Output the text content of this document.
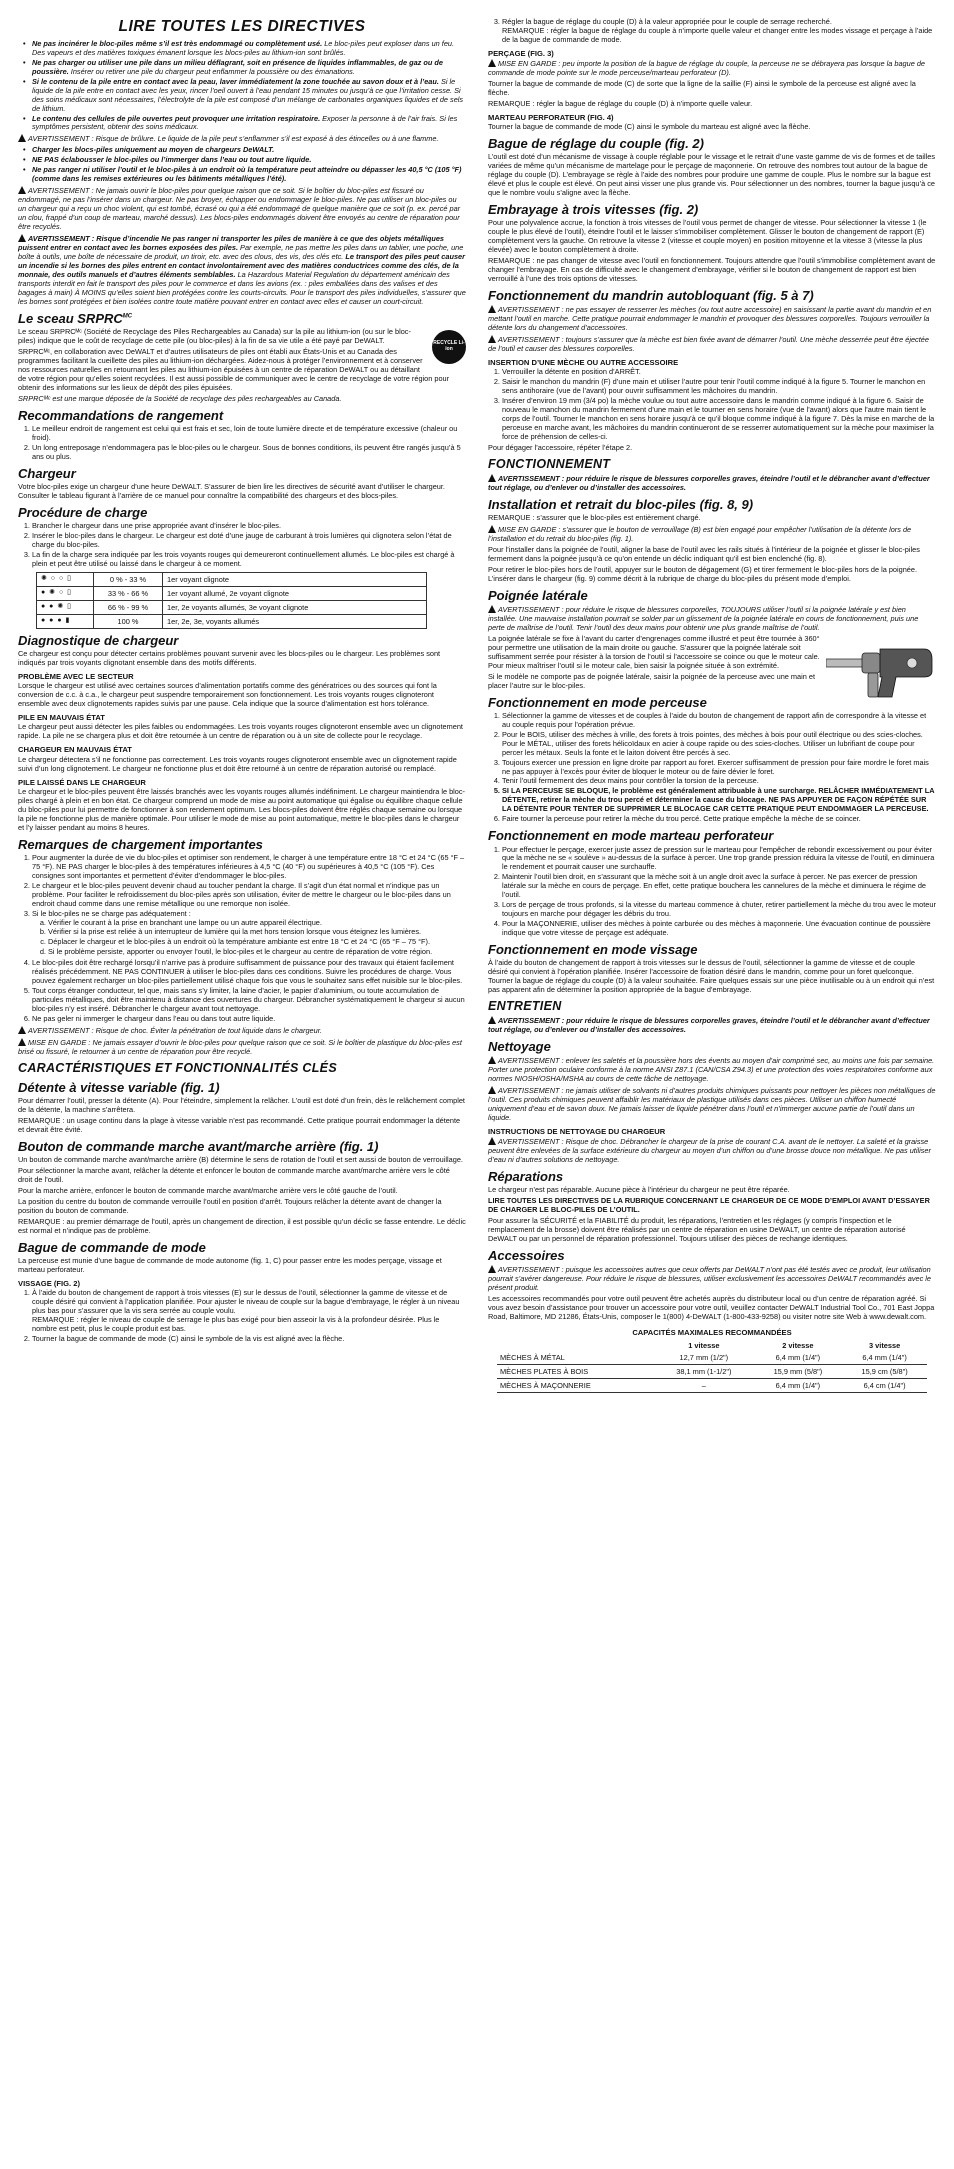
LIRE TOUTES LES DIRECTIVES
• Ne pas incinérer le bloc-piles même s’il est très endommagé ou complètement usé. Le bloc-piles peut exploser dans un feu. Des vapeurs et des matières toxiques émanent lorsque les blocs-piles au lithium-ion sont brûlés.
• Ne pas charger ou utiliser une pile dans un milieu déflagrant, soit en présence de liquides inflammables, de gaz ou de poussière. Insérer ou retirer une pile du chargeur peut enflammer la poussière ou des émanations.
• Si le contenu de la pile entre en contact avec la peau, laver immédiatement la zone touchée au savon doux et à l’eau. Si le liquide de la pile entre en contact avec les yeux, rincer l’oeil ouvert à l’eau pendant 15 minutes ou jusqu’à ce que l’irritation cesse. Si des soins médicaux sont nécessaires, l’électrolyte de la pile est composé d’un mélange de carbonates organiques liquides et de sels de lithium.
• Le contenu des cellules de pile ouvertes peut provoquer une irritation respiratoire. Exposer la personne à de l’air frais. Si les symptômes persistent, obtenir des soins médicaux.

AVERTISSEMENT : Risque de brûlure. Le liquide de la pile peut s’enflammer s’il est exposé à des étincelles ou à une flamme.

• Charger les blocs-piles uniquement au moyen de chargeurs DeWALT.
• NE PAS éclabousser le bloc-piles ou l’immerger dans l’eau ou tout autre liquide.
• Ne pas ranger ni utiliser l’outil et le bloc-piles à un endroit où la température peut atteindre ou dépasser les 40,5 °C (105 °F) (comme dans les remises extérieures ou les bâtiments métalliques l’été).

AVERTISSEMENT : Ne jamais ouvrir le bloc-piles pour quelque raison que ce soit. Si le boîtier du bloc-piles est fissuré ou endommagé, ne pas l’insérer dans un chargeur. Ne pas broyer, échapper ou endommager le bloc-piles. Ne pas utiliser un bloc-piles ou un chargeur qui a reçu un choc violent, qui est tombé, écrasé ou qui a été endommagé de quelque manière que ce soit (p. ex. percé par un clou, frappé d’un coup de marteau, marché dessus). Les blocs-piles endommagés doivent être envoyés au centre de réparation pour être recyclés.

AVERTISSEMENT : Risque d’incendie Ne pas ranger ni transporter les piles de manière à ce que des objets métalliques puissent entrer en contact avec les bornes exposées des piles. Par exemple, ne pas mettre les piles dans un tablier, une poche, une boîte à outils, une boîte de nécessaire de produit, un tiroir, etc. avec des clous, des vis, des clés etc. Le transport des piles peut causer un incendie si les bornes des piles entrent en contact involontairement avec des matières conductrices comme des clés, de la monnaie, des outils manuels et d’autres éléments semblables. La Hazardous Material Regulation du département américain des transports interdit en fait le transport des piles pour le commerce et dans les avions (ex. : piles emballées dans des valises et des bagages à main) À MOINS qu’elles soient bien protégées contre les courts-circuits. Pour le transport des piles individuelles, s’assurer que les bornes sont protégées et bien isolées contre toute matière pouvant entrer en contact avec elles et causer un court-circuit.

Le sceau $SRPRC^{MC}$
RECYCLE Li-ion

Le sceau SRPRCᴹᶜ (Société de Recyclage des Piles Rechargeables au Canada) sur la pile au lithium-ion (ou sur le bloc-piles) indique que le coût de recyclage de cette pile (ou bloc-piles) à la fin de sa vie utile a été payé par DeWALT.

SRPRCᴹᶜ, en collaboration avec DeWALT et d’autres utilisateurs de piles ont établi aux États-Unis et au Canada des programmes facilitant la cueillette des piles au lithium-ion déchargées. Aidez-nous à protéger l’environnement et à conserver nos ressources naturelles en retournant les piles au lithium-ion épuisées à un centre de réparation DeWALT ou au détaillant de votre région pour qu’elles soient recyclées. Il est aussi possible de communiquer avec le centre de recyclage de votre région pour obtenir des informations sur les lieux de dépôt des piles épuisées.

SRPRCᴹᶜ est une marque déposée de la Société de recyclage des piles rechargeables au Canada.

Recommandations de rangement
1. Le meilleur endroit de rangement est celui qui est frais et sec, loin de toute lumière directe et de température excessive (chaleur ou froid).
2. Un long entreposage n’endommagera pas le bloc-piles ou le chargeur. Sous de bonnes conditions, ils peuvent être rangés jusqu’à 5 ans ou plus.
Chargeur

Votre bloc-piles exige un chargeur d’une heure DeWALT. S’assurer de bien lire les directives de sécurité avant d’utiliser le chargeur. Consulter le tableau figurant à l’arrière de ce manuel pour connaître la compatibilité des chargeurs et des blocs-piles.

Procédure de charge
1. Brancher le chargeur dans une prise appropriée avant d’insérer le bloc-piles.
2. Insérer le bloc-piles dans le chargeur. Le chargeur est doté d’une jauge de carburant à trois lumières qui clignotera selon l’état de charge du bloc-piles.
3. La fin de la charge sera indiquée par les trois voyants rouges qui demeureront continuellement allumés. Le bloc-piles est chargé à plein et peut être utilisé ou laissé dans le chargeur à ce moment.
✺ ○ ○ ▯	0 % - 33 %	1er voyant clignote
● ✺ ○ ▯	33 % - 66 %	1er voyant allumé, 2e voyant clignote
● ● ✺ ▯	66 % - 99 %	1er, 2e voyants allumés, 3e voyant clignote
● ● ● ▮	100 %	1er, 2e, 3e, voyants allumés
Diagnostique de chargeur

Ce chargeur est conçu pour détecter certains problèmes pouvant survenir avec les blocs-piles ou le chargeur. Les problèmes sont indiqués par trois voyants clignotant ensemble dans des motifs différents.

PROBLÈME AVEC LE SECTEUR

Lorsque le chargeur est utilisé avec certaines sources d’alimentation portatifs comme des génératrices ou des sources qui font la conversion de c.c. à c.a., le chargeur peut suspendre temporairement son fonctionnement. Les trois voyants rouges clignoteront ensemble avec deux clignotements rapides suivis par une pause. Cela indique que la source d’alimentation est hors tolérance.

PILE EN MAUVAIS ÉTAT

Le chargeur peut aussi détecter les piles faibles ou endommagées. Les trois voyants rouges clignoteront ensemble avec un clignotement rapide. La pile ne se chargera plus et doit être retournée à un centre de réparation ou à un site de collecte pour le recyclage.

CHARGEUR EN MAUVAIS ÉTAT

Le chargeur détectera s’il ne fonctionne pas correctement. Les trois voyants rouges clignoteront ensemble avec un clignotement rapide suivi d’un long clignotement. Le chargeur ne fonctionne plus et doit être retourné à un centre de réparation autorisé ou remplacé.

PILE LAISSÉ DANS LE CHARGEUR

Le chargeur et le bloc-piles peuvent être laissés branchés avec les voyants rouges allumés indéfiniment. Le chargeur maintiendra le bloc-piles chargé à plein et en bon état. Ce chargeur comprend un mode de mise au point automatique qui égalise ou équilibre chaque cellule du bloc-piles pour lui permettre de fonctionner à son rendement optimum. Les blocs-piles doivent être réglés chaque semaine ou lorsque la pile ne fonctionne plus de manière optimale. Pour utiliser le mode de mise au point automatique, mettre le bloc-piles dans le chargeur et l’y laisser pendant au moins 8 heures.

Remarques de chargement importantes
1. Pour augmenter la durée de vie du bloc-piles et optimiser son rendement, le charger à une température entre 18 °C et 24 °C (65 °F – 75 °F). NE PAS charger le bloc-piles à des températures inférieures à 4,5 °C (40 °F) ou supérieures à 40,5 °C (105 °F). Ces consignes sont importantes et permettent d’éviter d’endommager le bloc-piles.
2. Le chargeur et le bloc-piles peuvent devenir chaud au toucher pendant la charge. Il s’agit d’un état normal et n’indique pas un problème. Pour faciliter le refroidissement du bloc-piles après son utilisation, éviter de mettre le chargeur ou le bloc-piles dans un endroit chaud comme dans une remise métallique ou une remorque non isolée.
3. Si le bloc-piles ne se charge pas adéquatement :
a. Vérifier le courant à la prise en branchant une lampe ou un autre appareil électrique.
b. Vérifier si la prise est reliée à un interrupteur de lumière qui la met hors tension lorsque vous éteignez les lumières.
c. Déplacer le chargeur et le bloc-piles à un endroit où la température ambiante est entre 18 °C et 24 °C (65 °F – 75 °F).
d. Si le problème persiste, apporter ou envoyer l’outil, le bloc-piles et le chargeur au centre de réparation de votre région.
4. Le bloc-piles doit être rechargé lorsqu’il n’arrive pas à produire suffisamment de puissance pour des travaux qui étaient facilement réalisés précédemment. NE PAS CONTINUER à utiliser le bloc-piles dans ces conditions. Suivre les procédures de charge. Vous pouvez également recharger un bloc-piles partiellement utilisé chaque fois que vous le souhaitez sans effet nuisible sur le bloc-piles.
5. Tout corps étranger conducteur, tel que, mais sans s’y limiter, la laine d’acier, le papier d’aluminium, ou toute accumulation de particules métalliques, doit être maintenu à distance des ouvertures du chargeur. Débrancher systématiquement le chargeur si aucun bloc-piles n’y est inséré. Débrancher le chargeur avant tout nettoyage.
6. Ne pas geler ni immerger le chargeur dans l’eau ou dans tout autre liquide.

AVERTISSEMENT : Risque de choc. Éviter la pénétration de tout liquide dans le chargeur.

MISE EN GARDE : Ne jamais essayer d’ouvrir le bloc-piles pour quelque raison que ce soit. Si le boîtier de plastique du bloc-piles est brisé ou fissuré, le retourner à un centre de réparation pour être recyclé.

CARACTÉRISTIQUES ET FONCTIONNALITÉS CLÉS
Détente à vitesse variable (fig. 1)

Pour démarrer l’outil, presser la détente (A). Pour l’éteindre, simplement la relâcher. L’outil est doté d’un frein, dès le relâchement complet de la détente, la machine s’arrêtera.

REMARQUE : un usage continu dans la plage à vitesse variable n’est pas recommandé. Cette pratique pourrait endommager la détente et devrait être évité.

Bouton de commande marche avant/marche arrière (fig. 1)

Un bouton de commande marche avant/marche arrière (B) détermine le sens de rotation de l’outil et sert aussi de bouton de verrouillage.

Pour sélectionner la marche avant, relâcher la détente et enfoncer le bouton de commande marche avant/marche arrière vers le côté droit de l’outil.

Pour la marche arrière, enfoncer le bouton de commande marche avant/marche arrière vers le côté gauche de l’outil.

La position du centre du bouton de commande verrouille l’outil en position d’arrêt. Toujours relâcher la détente avant de changer la position du bouton de commande.

REMARQUE : au premier démarrage de l’outil, après un changement de direction, il est possible qu’un déclic se fasse entendre. Le déclic est normal et n’indique pas de problème.

Bague de commande de mode

La perceuse est munie d’une bague de commande de mode autonome (fig. 1, C) pour passer entre les modes perçage, vissage et marteau perforateur.

VISSAGE (FIG. 2)
1. À l’aide du bouton de changement de rapport à trois vitesses (E) sur le dessus de l’outil, sélectionner la gamme de vitesse et de couple désiré qui convient à l’application planifiée. Pour ajuster le niveau de couple sur la bague d’embrayage, le régler à un niveau plus bas pour s’assurer que la vis sera serrée au couple voulu.
REMARQUE : régler le niveau de couple de serrage le plus bas exigé pour bien asseoir la vis à la profondeur désirée. Plus le nombre est petit, plus le couple produit est bas.
2. Tourner la bague de commande de mode (C) ainsi le symbole de la vis est aligné avec la flèche.
3. Régler la bague de réglage du couple (D) à la valeur appropriée pour le couple de serrage recherché.
REMARQUE : régler la bague de réglage du couple à n’importe quelle valeur et changer entre les modes vissage et perçage à l’aide de la bague de commande de mode.
PERÇAGE (FIG. 3)

MISE EN GARDE : peu importe la position de la bague de réglage du couple, la perceuse ne se débrayera pas lorsque la bague de commande de mode pointe sur le mode perceuse/marteau perforateur (D).

Tourner la bague de commande de mode (C) de sorte que la ligne de la saillie (F) ainsi le symbole de la perceuse est aligné avec la flèche.

REMARQUE : régler la bague de réglage du couple (D) à n’importe quelle valeur.

MARTEAU PERFORATEUR (FIG. 4)

Tourner la bague de commande de mode (C) ainsi le symbole du marteau est aligné avec la flèche.

Bague de réglage du couple (fig. 2)

L’outil est doté d’un mécanisme de vissage à couple réglable pour le vissage et le retrait d’une vaste gamme de vis de formes et de tailles variées de même qu’un mécanisme de martelage pour le perçage de maçonnerie. On retrouve des nombres tout autour de la bague de réglage du couple (D). L’embrayage se règle à l’aide des nombres pour produire une gamme de couple. Plus le nombre sur la bague est élevé et plus le couple est élevé. On peut ainsi visser une plus grande vis. Pour sélectionner un des nombres, tourner la bague jusqu’à ce que le nombre voulu s’aligne avec la flèche.

Embrayage à trois vitesses (fig. 2)

Pour une polyvalence accrue, la fonction à trois vitesses de l’outil vous permet de changer de vitesse. Pour sélectionner la vitesse 1 (le couple le plus élevé de l’outil), éteindre l’outil et le laisser s’immobiliser complètement. Glisser le bouton de changement de rapport (E) complètement vers la gauche. On retrouve la vitesse 2 (vitesse et couple moyen) en position mitoyenne et la vitesse 3 (vitesse la plus élevée) avec le bouton complètement à droite.

REMARQUE : ne pas changer de vitesse avec l’outil en fonctionnement. Toujours attendre que l’outil s’immobilise complètement avant de changer l’embrayage. En cas de difficulté avec le changement d’embrayage, vérifier si le bouton de changement de rapport est bien verrouillé à l’une des trois options de vitesses.

Fonctionnement du mandrin autobloquant (fig. 5 à 7)

AVERTISSEMENT : ne pas essayer de resserrer les mèches (ou tout autre accessoire) en saisissant la partie avant du mandrin et en mettant l’outil en marche. Cette pratique pourrait endommager le mandrin et provoquer des blessures corporelles. Toujours verrouiller la détente lors du changement d’accessoires.

AVERTISSEMENT : toujours s’assurer que la mèche est bien fixée avant de démarrer l’outil. Une mèche desserrée peut être éjectée de l’outil et causer des blessures corporelles.

INSERTION D’UNE MÈCHE OU AUTRE ACCESSOIRE
1. Verrouiller la détente en position d’ARRÊT.
2. Saisir le manchon du mandrin (F) d’une main et utiliser l’autre pour tenir l’outil comme indiqué à la figure 5. Tourner le manchon en sens antihoraire (vue de l’avant) pour ouvrir suffisamment les mâchoires du mandrin.
3. Insérer d’environ 19 mm (3/4 po) la mèche voulue ou tout autre accessoire dans le mandrin comme indiqué à la figure 6. Saisir de nouveau le manchon du mandrin fermement d’une main et le tourner en sens horaire (vue de l’avant) alors que l’autre main tient le corps de l’outil. Tourner le manchon en sens horaire jusqu’à ce qu’il bloque comme indiqué à la figure 7. Dès la mise en marche de la perceuse en marche avant, les mâchoires du mandrin continueront de se resserrer automatiquement sur la mèche pour maximiser la force de préhension de celles-ci.

Pour dégager l’accessoire, répéter l’étape 2.

FONCTIONNEMENT

AVERTISSEMENT : pour réduire le risque de blessures corporelles graves, éteindre l’outil et le débrancher avant d’effectuer tout réglage, ou d’enlever ou d’installer des accessoires.

Installation et retrait du bloc-piles (fig. 8, 9)

REMARQUE : s’assurer que le bloc-piles est entièrement chargé.

MISE EN GARDE : s’assurer que le bouton de verrouillage (B) est bien engagé pour empêcher l’utilisation de la détente lors de l’installation et du retrait du bloc-piles (fig. 1).

Pour l’installer dans la poignée de l’outil, aligner la base de l’outil avec les rails situés à l’intérieur de la poignée et glisser le bloc-piles fermement dans la poignée jusqu’à ce qu’on entende un déclic indiquant qu’il est bien enclenché (fig. 8).

Pour retirer le bloc-piles hors de l’outil, appuyer sur le bouton de dégagement (G) et tirer fermement le bloc-piles hors de la poignée. L’insérer dans le chargeur (fig. 9) comme décrit à la rubrique de charge du bloc-piles du présent mode d’emploi.

Poignée latérale

AVERTISSEMENT : pour réduire le risque de blessures corporelles, TOUJOURS utiliser l’outil si la poignée latérale y est bien installée. Une mauvaise installation pourrait se solder par un glissement de la poignée latérale en cours de fonctionnement, puis une perte de maîtrise de l’outil. Tenir l’outil des deux mains pour obtenir une plus grande maîtrise de l’outil.

La poignée latérale se fixe à l’avant du carter d’engrenages comme illustré et peut être tournée à 360° pour permettre une utilisation de la main droite ou gauche. S’assurer que la poignée latérale soit suffisamment serrée pour résister à la torsion de l’outil si l’accessoire se coince ou que le moteur cale. Pour mieux maîtriser l’outil si le moteur cale, bien saisir la poignée située à son extrémité.

Si le modèle ne comporte pas de poignée latérale, saisir la poignée de la perceuse avec une main et placer l’autre sur le bloc-piles.

Fonctionnement en mode perceuse
1. Sélectionner la gamme de vitesses et de couples à l’aide du bouton de changement de rapport afin de correspondre à la vitesse et au couple requis pour l’opération prévue.
2. Pour le BOIS, utiliser des mèches à vrille, des forets à trois pointes, des mèches à bois pour outil électrique ou des scies-cloches. Pour le MÉTAL, utiliser des forets hélicoïdaux en acier à coupe rapide ou des scies-cloches. Utiliser un lubrifiant de coupe pour percer les métaux. Seuls la fonte et le laiton doivent être percés à sec.
3. Toujours exercer une pression en ligne droite par rapport au foret. Exercer suffisamment de pression pour faire mordre le foret mais ne pas appuyer à l’excès pour éviter de bloquer le moteur ou de faire dévier le foret.
4. Tenir l’outil fermement des deux mains pour contrôler la torsion de la perceuse.
5. SI LA PERCEUSE SE BLOQUE, le problème est généralement attribuable à une surcharge. RELÂCHER IMMÉDIATEMENT LA DÉTENTE, retirer la mèche du trou percé et déterminer la cause du blocage. NE PAS APPUYER DE FAÇON RÉPÉTÉE SUR LA DÉTENTE POUR TENTER DE SUPPRIMER LE BLOCAGE CAR CETTE PRATIQUE PEUT ENDOMMAGER LA PERCEUSE.
6. Faire tourner la perceuse pour retirer la mèche du trou percé. Cette pratique empêche la mèche de se coincer.
Fonctionnement en mode marteau perforateur
1. Pour effectuer le perçage, exercer juste assez de pression sur le marteau pour l’empêcher de rebondir excessivement ou pour éviter que la mèche ne se « soulève » au-dessus de la surface à percer. Une trop grande pression réduira la vitesse de l’outil, en diminuera le rendement et pourrait causer une surchauffe.
2. Maintenir l’outil bien droit, en s’assurant que la mèche soit à un angle droit avec la surface à percer. Ne pas exercer de pression latérale sur la mèche en cours de perçage. En effet, cette pratique bouchera les cannelures de la mèche et diminuera le régime de l’outil.
3. Lors de perçage de trous profonds, si la vitesse du marteau commence à chuter, retirer partiellement la mèche du trou avec le moteur toujours en marche pour dégager les débris du trou.
4. Pour la MAÇONNERIE, utiliser des mèches à pointe carburée ou des mèches à maçonnerie. Une évacuation continue de poussière indique que votre vitesse de perçage est adéquate.
Fonctionnement en mode vissage

À l’aide du bouton de changement de rapport à trois vitesses sur le dessus de l’outil, sélectionner la gamme de vitesse et de couple désiré qui convient à l’opération planifiée. Insérer l’accessoire de fixation désiré dans le mandrin, comme pour un foret quelconque. Tourner la bague de réglage du couple (D) à la valeur souhaitée. Faire quelques essais sur une pièce inutilisable ou à un endroit qui n’est pas apparent afin de déterminer la position appropriée de la bague d’embrayage.

ENTRETIEN

AVERTISSEMENT : pour réduire le risque de blessures corporelles graves, éteindre l’outil et le débrancher avant d’effectuer tout réglage, ou d’enlever ou d’installer des accessoires.

Nettoyage

AVERTISSEMENT : enlever les saletés et la poussière hors des évents au moyen d’air comprimé sec, au moins une fois par semaine. Porter une protection oculaire conforme à la norme ANSI Z87.1 (CAN/CSA Z94.3) et une protection des voies respiratoires conforme aux normes NIOSH/OSHA/MSHA au cours de cette tâche de nettoyage.

AVERTISSEMENT : ne jamais utiliser de solvants ni d’autres produits chimiques puissants pour nettoyer les pièces non métalliques de l’outil. Ces produits chimiques peuvent affaiblir les matériaux de plastique utilisés dans ces pièces. Utiliser un chiffon humecté uniquement d’eau et de savon doux. Ne jamais laisser de liquide pénétrer dans l’outil et n’immerger aucune partie de l’outil dans un liquide.

INSTRUCTIONS DE NETTOYAGE DU CHARGEUR

AVERTISSEMENT : Risque de choc. Débrancher le chargeur de la prise de courant C.A. avant de le nettoyer. La saleté et la graisse peuvent être enlevées de la surface extérieure du chargeur au moyen d’un chiffon ou d’une brosse douce non métallique. Ne pas utiliser d’eau ni d’autres solutions de nettoyage.

Réparations

Le chargeur n’est pas réparable. Aucune pièce à l’intérieur du chargeur ne peut être réparée.

LIRE TOUTES LES DIRECTIVES DE LA RUBRIQUE CONCERNANT LE CHARGEUR DE CE MODE D’EMPLOI AVANT D’ESSAYER DE CHARGER LE BLOC-PILES DE L’OUTIL.

Pour assurer la SÉCURITÉ et la FIABILITÉ du produit, les réparations, l’entretien et les réglages (y compris l’inspection et le remplacement de la brosse) doivent être réalisés par un centre de réparation en usine DeWALT, un centre de réparation autorisé DeWALT ou par un personnel de réparation professionnel. Toujours utiliser des pièces de rechange identiques.

Accessoires

AVERTISSEMENT : puisque les accessoires autres que ceux offerts par DeWALT n’ont pas été testés avec ce produit, leur utilisation pourrait s’avérer dangereuse. Pour réduire le risque de blessures, utiliser exclusivement les accessoires DeWALT recommandés avec le présent produit.

Les accessoires recommandés pour votre outil peuvent être achetés auprès du distributeur local ou d’un centre de réparation agréé. Si vous avez besoin d’assistance pour trouver un accessoire pour votre outil, veuillez contacter DeWALT Industrial Tool Co., 701 East Joppa Road, Baltimore, MD 21286, États-Unis, composer le 1(800) 4-DeWALT (1-800-433-9258) ou visiter notre site Web à www.dewalt.com.

CAPACITÉS MAXIMALES RECOMMANDÉES
	1 vitesse	2 vitesse	3 vitesse
MÈCHES À MÉTAL	12,7 mm (1/2")	6,4 mm (1/4")	6,4 mm (1/4")
MÈCHES PLATES À BOIS	38,1 mm (1-1/2")	15,9 mm (5/8")	15,9 cm (5/8")
MÈCHES À MAÇONNERIE	–	6,4 mm (1/4")	6,4 cm (1/4")
